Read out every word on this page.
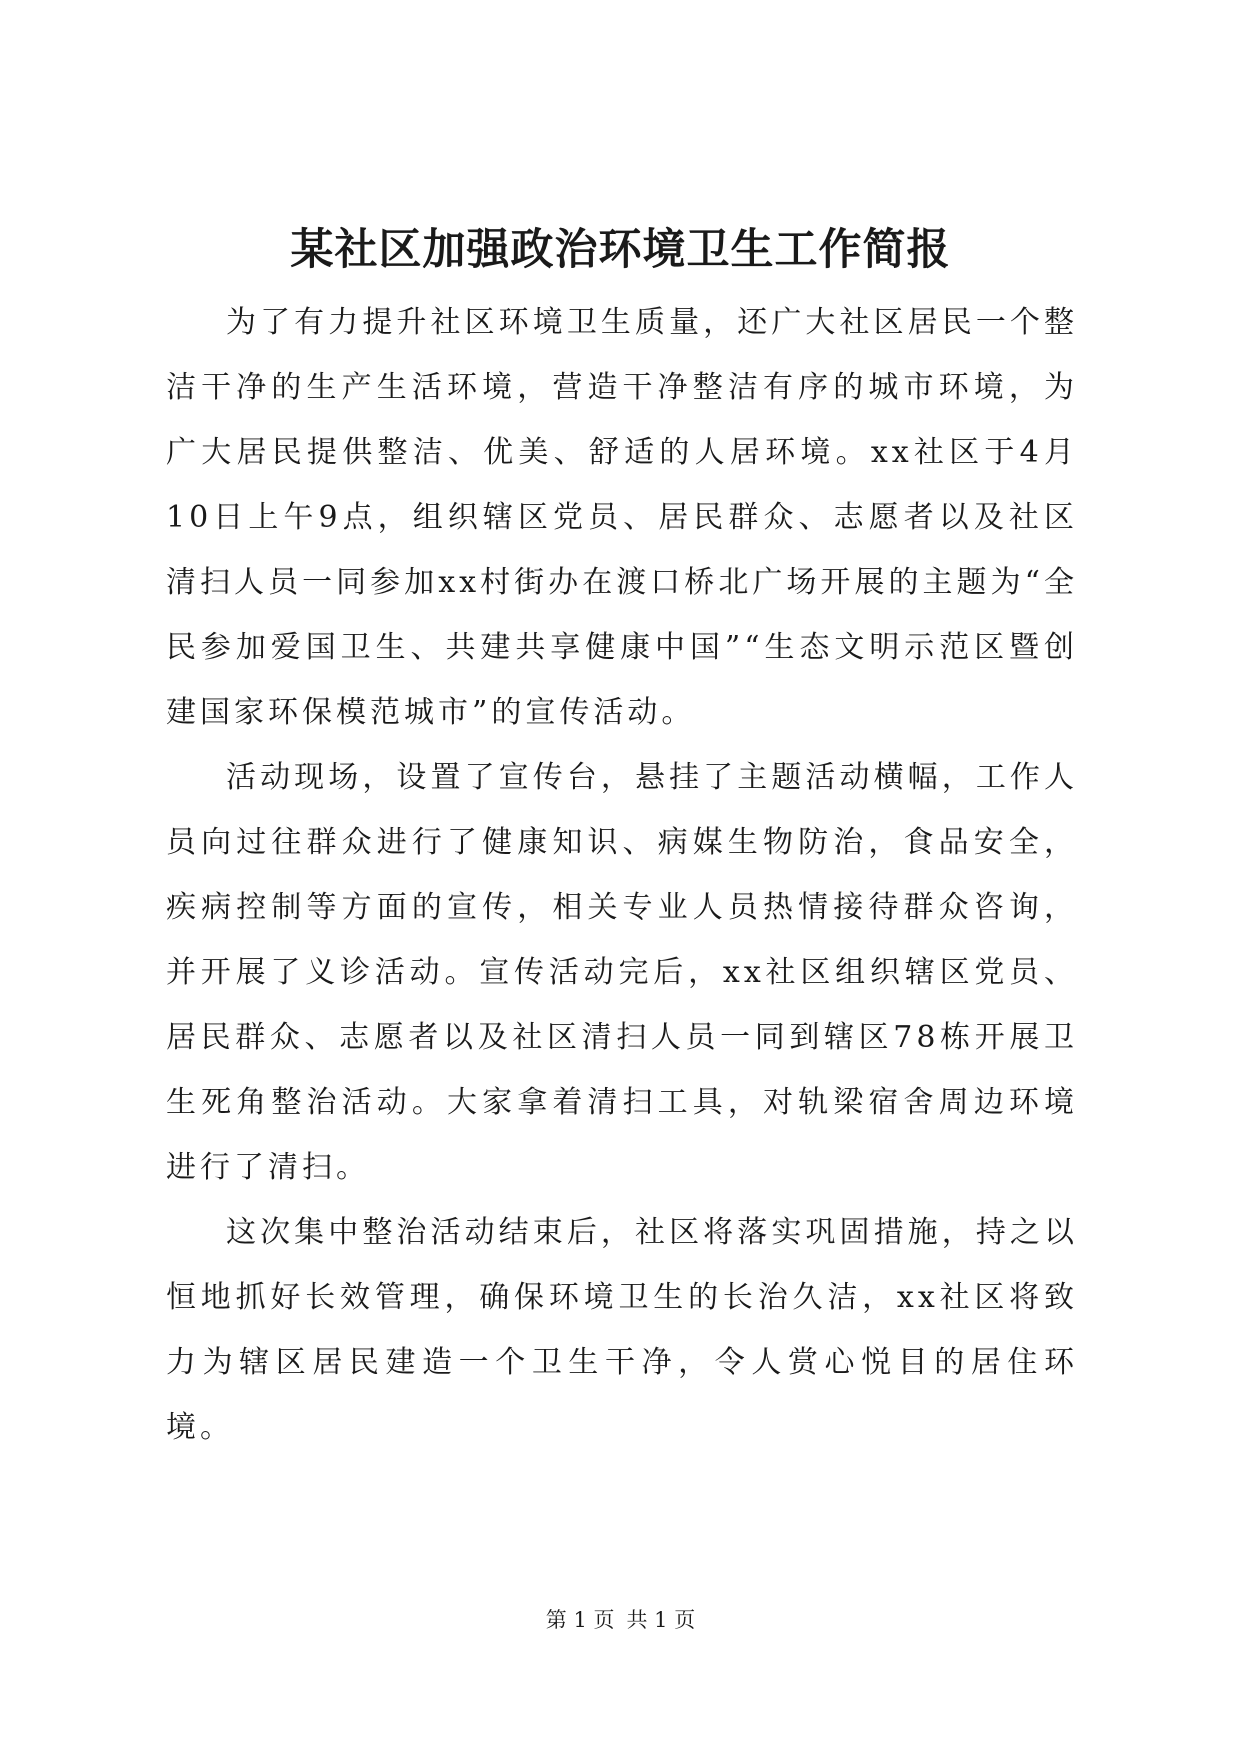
某社区加强政治环境卫生工作简报

为了有力提升社区环境卫生质量，还广大社区居民一个整洁干净的生产生活环境，营造干净整洁有序的城市环境，为广大居民提供整洁、优美、舒适的人居环境。xx社区于4月10日上午9点，组织辖区党员、居民群众、志愿者以及社区清扫人员一同参加xx村街办在渡口桥北广场开展的主题为“全民参加爱国卫生、共建共享健康中国”“生态文明示范区暨创建国家环保模范城市”的宣传活动。

活动现场，设置了宣传台，悬挂了主题活动横幅，工作人员向过往群众进行了健康知识、病媒生物防治，食品安全，疾病控制等方面的宣传，相关专业人员热情接待群众咨询，并开展了义诊活动。宣传活动完后，xx社区组织辖区党员、居民群众、志愿者以及社区清扫人员一同到辖区78栋开展卫生死角整治活动。大家拿着清扫工具，对轨梁宿舍周边环境进行了清扫。

这次集中整治活动结束后，社区将落实巩固措施，持之以恒地抓好长效管理，确保环境卫生的长治久洁，xx社区将致力为辖区居民建造一个卫生干净，令人赏心悦目的居住环境。

第 1 页 共 1 页
